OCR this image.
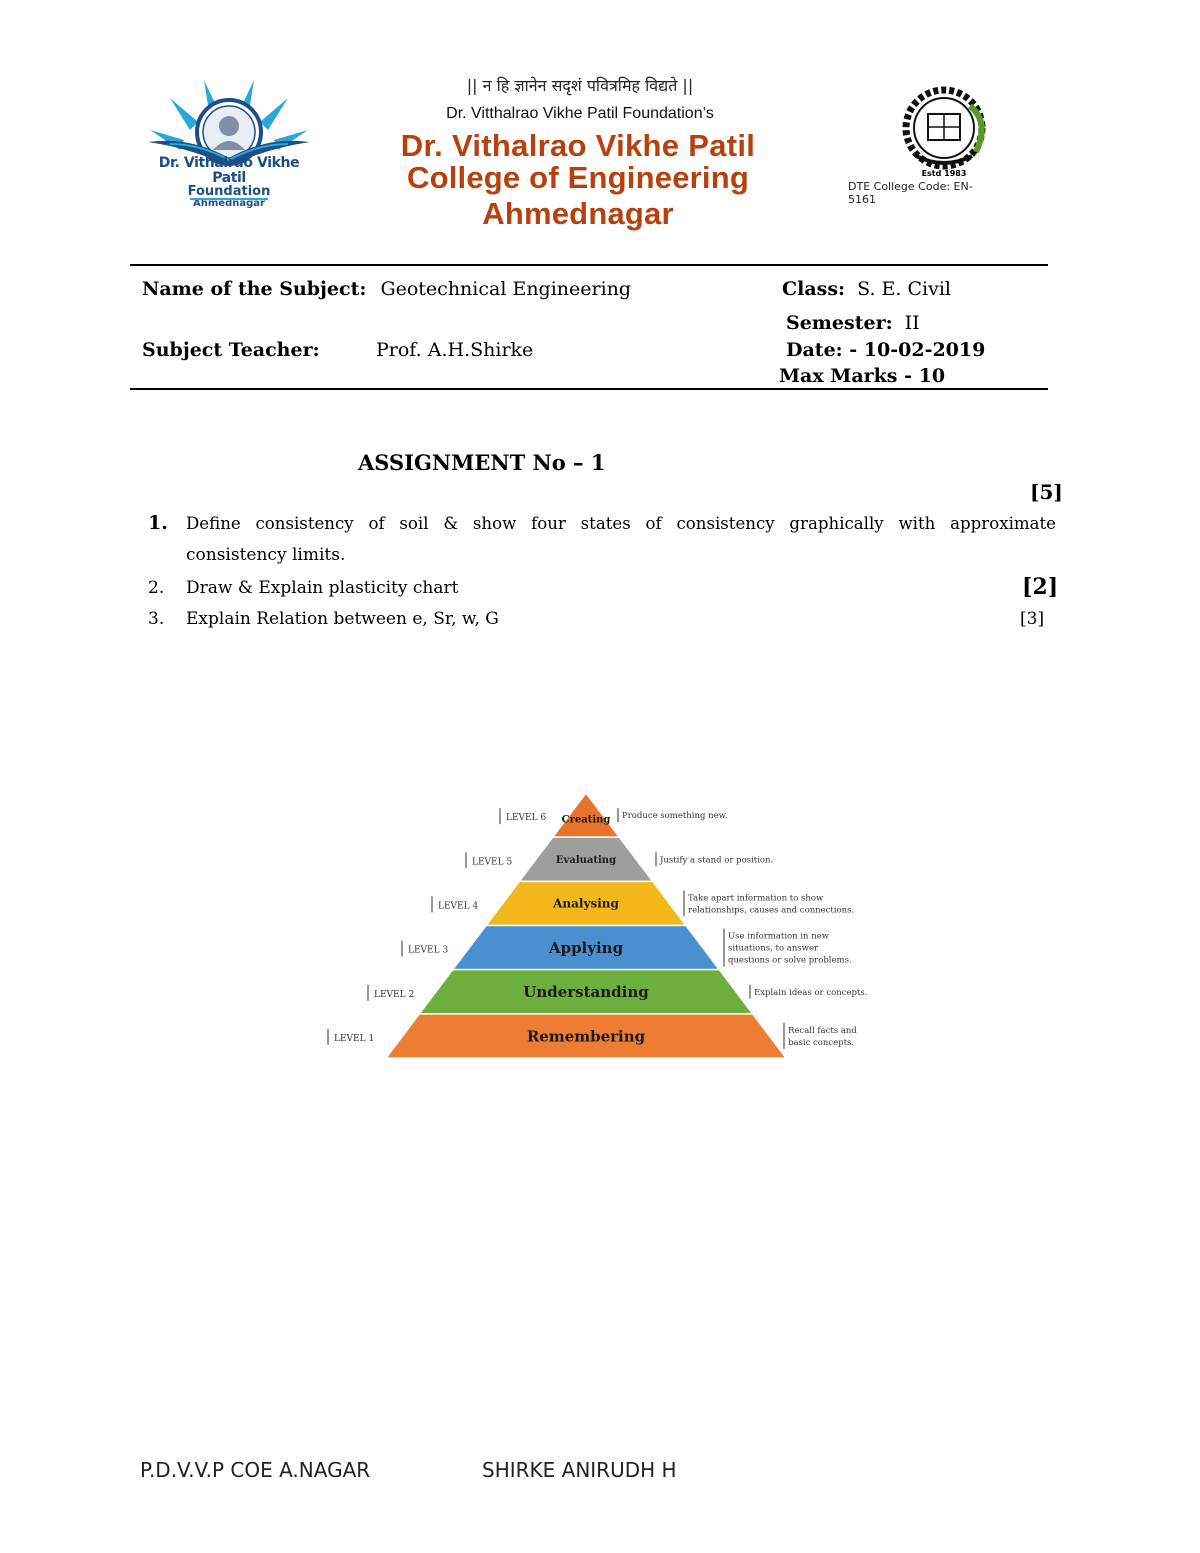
Dr. Vithalrao Vikhe Patil
Foundation
Ahmednagar
|| न हि ज्ञानेन सदृशं पवित्रमिह विद्यते ||
Dr. Vitthalrao Vikhe Patil Foundation’s
Dr. Vithalrao Vikhe Patil
College of Engineering Ahmednagar
Estd 1983
DTE College Code: EN-5161
Name of the Subject: Geotechnical Engineering	Class: S. E. Civil
Semester: II
Subject Teacher:	Prof. A.H.Shirke	Date: - 10-02-2019
Max Marks - 10
ASSIGNMENT No – 1
[5]
1. Define consistency of soil & show four states of consistency graphically with approximate
consistency limits.
2. Draw & Explain plasticity chart	[2]
3. Explain Relation between e, Sr, w, G	[3]
Creating
LEVEL 6	Produce something new.
Evaluating
LEVEL 5	Justify a stand or position.
Analysing
LEVEL 4
Take apart information to show
relationships, causes and connections.
Applying
LEVEL 3
Use information in new
situations, to answer
questions or solve problems.
Understanding
LEVEL 2	Explain ideas or concepts.
Remembering
LEVEL 1
Recall facts and
basic concepts.
P.D.V.V.P COE A.NAGAR	SHIRKE ANIRUDH H
